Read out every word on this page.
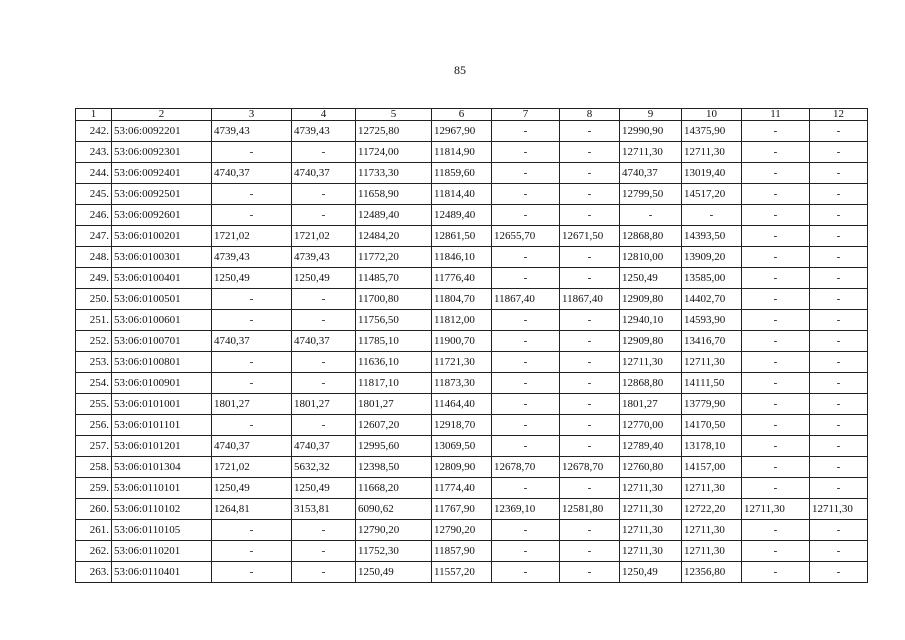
85
1	2	3	4	5	6	7	8	9	10	11	12
242.	53:06:0092201	4739,43	4739,43	12725,80	12967,90	-	-	12990,90	14375,90	-	-
243.	53:06:0092301	-	-	11724,00	11814,90	-	-	12711,30	12711,30	-	-
244.	53:06:0092401	4740,37	4740,37	11733,30	11859,60	-	-	4740,37	13019,40	-	-
245.	53:06:0092501	-	-	11658,90	11814,40	-	-	12799,50	14517,20	-	-
246.	53:06:0092601	-	-	12489,40	12489,40	-	-	-	-	-	-
247.	53:06:0100201	1721,02	1721,02	12484,20	12861,50	12655,70	12671,50	12868,80	14393,50	-	-
248.	53:06:0100301	4739,43	4739,43	11772,20	11846,10	-	-	12810,00	13909,20	-	-
249.	53:06:0100401	1250,49	1250,49	11485,70	11776,40	-	-	1250,49	13585,00	-	-
250.	53:06:0100501	-	-	11700,80	11804,70	11867,40	11867,40	12909,80	14402,70	-	-
251.	53:06:0100601	-	-	11756,50	11812,00	-	-	12940,10	14593,90	-	-
252.	53:06:0100701	4740,37	4740,37	11785,10	11900,70	-	-	12909,80	13416,70	-	-
253.	53:06:0100801	-	-	11636,10	11721,30	-	-	12711,30	12711,30	-	-
254.	53:06:0100901	-	-	11817,10	11873,30	-	-	12868,80	14111,50	-	-
255.	53:06:0101001	1801,27	1801,27	1801,27	11464,40	-	-	1801,27	13779,90	-	-
256.	53:06:0101101	-	-	12607,20	12918,70	-	-	12770,00	14170,50	-	-
257.	53:06:0101201	4740,37	4740,37	12995,60	13069,50	-	-	12789,40	13178,10	-	-
258.	53:06:0101304	1721,02	5632,32	12398,50	12809,90	12678,70	12678,70	12760,80	14157,00	-	-
259.	53:06:0110101	1250,49	1250,49	11668,20	11774,40	-	-	12711,30	12711,30	-	-
260.	53:06:0110102	1264,81	3153,81	6090,62	11767,90	12369,10	12581,80	12711,30	12722,20	12711,30	12711,30
261.	53:06:0110105	-	-	12790,20	12790,20	-	-	12711,30	12711,30	-	-
262.	53:06:0110201	-	-	11752,30	11857,90	-	-	12711,30	12711,30	-	-
263.	53:06:0110401	-	-	1250,49	11557,20	-	-	1250,49	12356,80	-	-
